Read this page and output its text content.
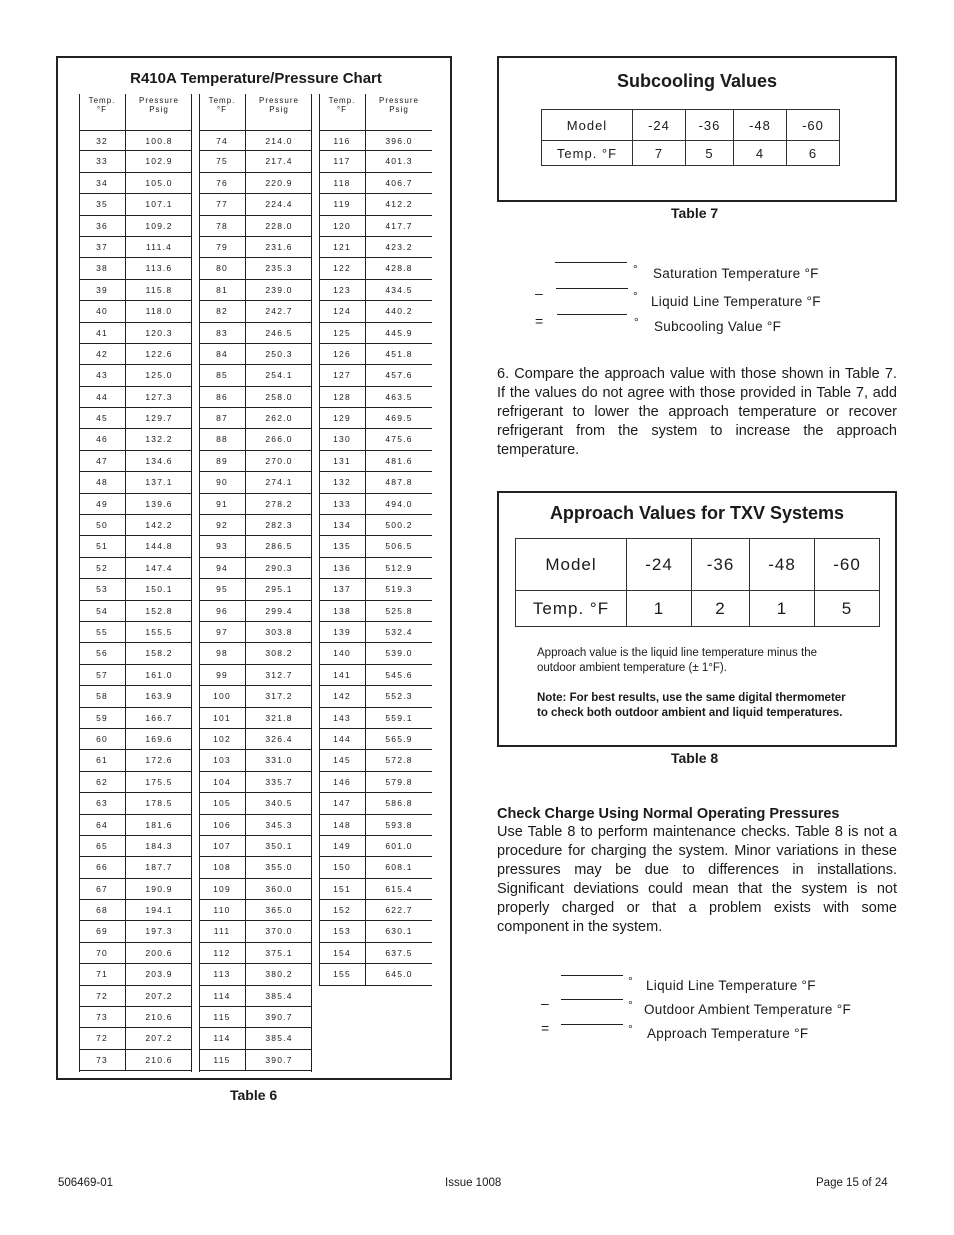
R410A Temperature/Pressure Chart
Temp.
°F
Pressure
Psig
32	100.8
33	102.9
34	105.0
35	107.1
36	109.2
37	111.4
38	113.6
39	115.8
40	118.0
41	120.3
42	122.6
43	125.0
44	127.3
45	129.7
46	132.2
47	134.6
48	137.1
49	139.6
50	142.2
51	144.8
52	147.4
53	150.1
54	152.8
55	155.5
56	158.2
57	161.0
58	163.9
59	166.7
60	169.6
61	172.6
62	175.5
63	178.5
64	181.6
65	184.3
66	187.7
67	190.9
68	194.1
69	197.3
70	200.6
71	203.9
72	207.2
73	210.6
72	207.2
73	210.6
Temp.
°F
Pressure
Psig
74	214.0
75	217.4
76	220.9
77	224.4
78	228.0
79	231.6
80	235.3
81	239.0
82	242.7
83	246.5
84	250.3
85	254.1
86	258.0
87	262.0
88	266.0
89	270.0
90	274.1
91	278.2
92	282.3
93	286.5
94	290.3
95	295.1
96	299.4
97	303.8
98	308.2
99	312.7
100	317.2
101	321.8
102	326.4
103	331.0
104	335.7
105	340.5
106	345.3
107	350.1
108	355.0
109	360.0
110	365.0
111	370.0
112	375.1
113	380.2
114	385.4
115	390.7
114	385.4
115	390.7
Temp.
°F
Pressure
Psig
116	396.0
117	401.3
118	406.7
119	412.2
120	417.7
121	423.2
122	428.8
123	434.5
124	440.2
125	445.9
126	451.8
127	457.6
128	463.5
129	469.5
130	475.6
131	481.6
132	487.8
133	494.0
134	500.2
135	506.5
136	512.9
137	519.3
138	525.8
139	532.4
140	539.0
141	545.6
142	552.3
143	559.1
144	565.9
145	572.8
146	579.8
147	586.8
148	593.8
149	601.0
150	608.1
151	615.4
152	622.7
153	630.1
154	637.5
155	645.0
Table 6
Subcooling Values
Model	-24	-36	-48	-60
Temp. °F	7	5	4	6
Table 7
° Saturation Temperature °F
–	° Liquid Line Temperature °F
=	° Subcooling Value °F
6. Compare the approach value with those shown in Table 7. If the values do not agree with those provided in Table 7, add refrigerant to lower the approach temperature or recover refrigerant from the system to increase the approach temperature.
Approach Values for TXV Systems
Model	-24	-36	-48	-60
Temp. °F	1	2	1	5
Approach value is the liquid line temperature minus the outdoor ambient temperature (± 1°F).
Note: For best results, use the same digital thermometer to check both outdoor ambient and liquid temperatures.
Table 8
Check Charge Using Normal Operating Pressures
Use Table 8 to perform maintenance checks. Table 8 is not a procedure for charging the system. Minor variations in these pressures may be due to differences in installations. Significant deviations could mean that the system is not properly charged or that a problem exists with some component in the system.
° Liquid Line Temperature °F
–	° Outdoor Ambient Temperature °F
=	° Approach Temperature °F
506469-01	Issue 1008	Page 15 of 24
